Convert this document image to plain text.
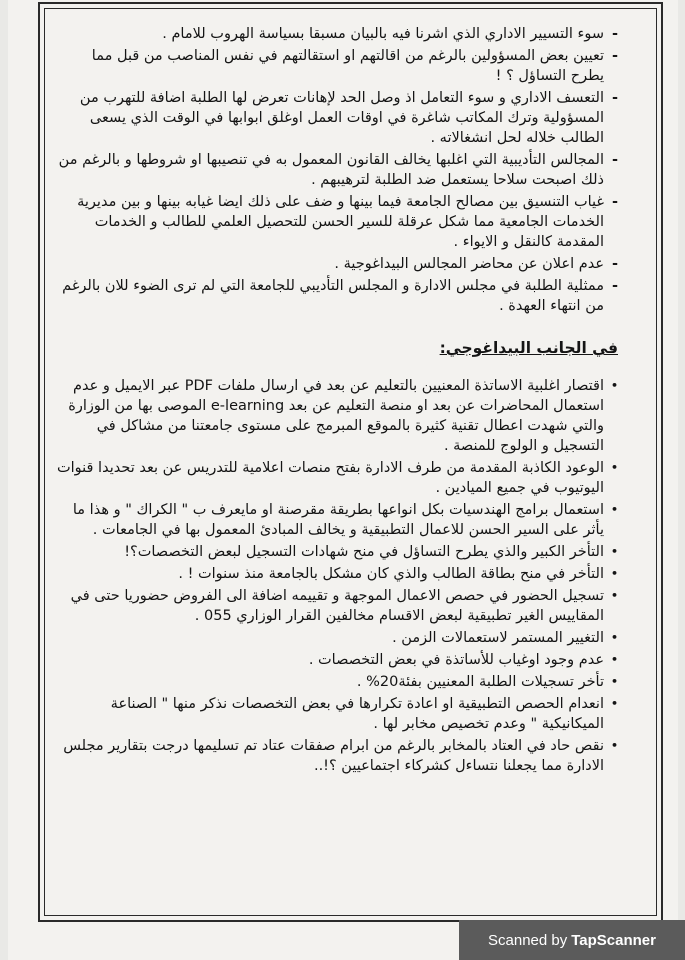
- سوء التسيير الاداري الذي اشرنا فيه بالبيان مسبقا بسياسة الهروب للامام .
- تعيين بعض المسؤولين بالرغم من اقالتهم او استقالتهم في نفس المناصب من قبل مما يطرح التساؤل ؟ !
- التعسف الاداري و سوء التعامل اذ وصل الحد لإهانات تعرض لها الطلبة اضافة للتهرب من المسؤولية وترك المكاتب شاغرة في اوقات العمل اوغلق ابوابها في الوقت الذي يسعى الطالب خلاله لحل انشغالاته .
- المجالس التأديبية التي اغلبها يخالف القانون المعمول به في تنصيبها او شروطها و بالرغم من ذلك اصبحت سلاحا يستعمل ضد الطلبة لترهيبهم .
- غياب التنسيق بين مصالح الجامعة فيما بينها و ضف على ذلك ايضا غيابه بينها و بين مديرية الخدمات الجامعية مما شكل عرقلة للسير الحسن للتحصيل العلمي للطالب و الخدمات المقدمة كالنقل و الايواء .
- عدم اعلان عن محاضر المجالس البيداغوجية .
- ممثلية الطلبة في مجلس الادارة و المجلس التأديبي للجامعة التي لم ترى الضوء للان بالرغم من انتهاء العهدة .
في الجانب البيداغوجي:
• اقتصار اغلبية الاساتذة المعنيين بالتعليم عن بعد في ارسال ملفات PDF عبر الايميل و عدم استعمال المحاضرات عن بعد او منصة التعليم عن بعد e-learning الموصى بها من الوزارة والتي شهدت اعطال تقنية كثيرة بالموقع المبرمج على مستوى جامعتنا من مشاكل في التسجيل و الولوج للمنصة .
• الوعود الكاذبة المقدمة من طرف الادارة بفتح منصات اعلامية للتدريس عن بعد تحديدا قنوات اليوتيوب في جميع الميادين .
• استعمال برامج الهندسيات بكل انواعها بطريقة مقرصنة او مايعرف ب " الكراك " و هذا ما يأثر على السير الحسن للاعمال التطبيقية و يخالف المبادئ المعمول بها في الجامعات .
• التأخر الكبير والذي يطرح التساؤل في منح شهادات التسجيل لبعض التخصصات؟!
• التأخر في منح بطاقة الطالب والذي كان مشكل بالجامعة منذ سنوات ! .
• تسجيل الحضور في حصص الاعمال الموجهة و تقييمه اضافة الى الفروض حضوريا حتى في المقاييس الغير تطبيقية لبعض الاقسام مخالفين القرار الوزاري 055 .
• التغيير المستمر لاستعمالات الزمن .
• عدم وجود اوغياب للأساتذة في بعض التخصصات .
• تأخر تسجيلات الطلبة المعنيين بفئة20% .
• انعدام الحصص التطبيقية او اعادة تكرارها في بعض التخصصات نذكر منها " الصناعة الميكانيكية " وعدم تخصيص مخابر لها .
• نقص حاد في العتاد بالمخابر بالرغم من ابرام صفقات عتاد تم تسليمها درجت بتقارير مجلس الادارة مما يجعلنا نتساءل كشركاء اجتماعيين ؟!..
Scanned by TapScanner
